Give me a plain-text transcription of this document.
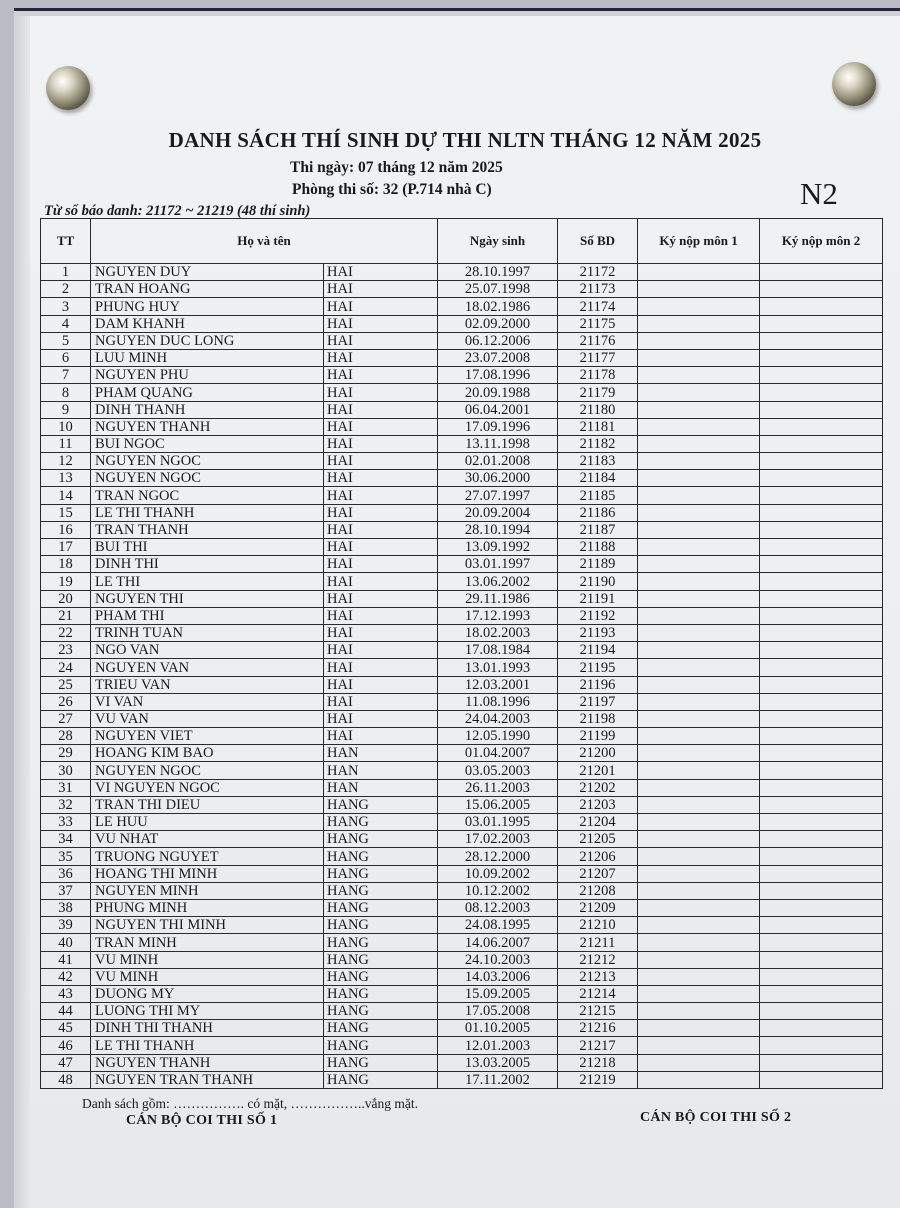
DANH SÁCH THÍ SINH DỰ THI NLTN THÁNG 12 NĂM 2025
Thi ngày: 07 tháng 12 năm 2025
Phòng thi số: 32 (P.714 nhà C)	N2
Từ số báo danh: 21172 ~ 21219 (48 thí sinh)
TT	Họ và tên		Ngày sinh	Số BD	Ký nộp môn 1	Ký nộp môn 2
1	NGUYEN DUY	HAI	28.10.1997	21172		
2	TRAN HOANG	HAI	25.07.1998	21173		
3	PHUNG HUY	HAI	18.02.1986	21174		
4	DAM KHANH	HAI	02.09.2000	21175		
5	NGUYEN DUC LONG	HAI	06.12.2006	21176		
6	LUU MINH	HAI	23.07.2008	21177		
7	NGUYEN PHU	HAI	17.08.1996	21178		
8	PHAM QUANG	HAI	20.09.1988	21179		
9	DINH THANH	HAI	06.04.2001	21180		
10	NGUYEN THANH	HAI	17.09.1996	21181		
11	BUI NGOC	HAI	13.11.1998	21182		
12	NGUYEN NGOC	HAI	02.01.2008	21183		
13	NGUYEN NGOC	HAI	30.06.2000	21184		
14	TRAN NGOC	HAI	27.07.1997	21185		
15	LE THI THANH	HAI	20.09.2004	21186		
16	TRAN THANH	HAI	28.10.1994	21187		
17	BUI THI	HAI	13.09.1992	21188		
18	DINH THI	HAI	03.01.1997	21189		
19	LE THI	HAI	13.06.2002	21190		
20	NGUYEN THI	HAI	29.11.1986	21191		
21	PHAM THI	HAI	17.12.1993	21192		
22	TRINH TUAN	HAI	18.02.2003	21193		
23	NGO VAN	HAI	17.08.1984	21194		
24	NGUYEN VAN	HAI	13.01.1993	21195		
25	TRIEU VAN	HAI	12.03.2001	21196		
26	VI VAN	HAI	11.08.1996	21197		
27	VU VAN	HAI	24.04.2003	21198		
28	NGUYEN VIET	HAI	12.05.1990	21199		
29	HOANG KIM BAO	HAN	01.04.2007	21200		
30	NGUYEN NGOC	HAN	03.05.2003	21201		
31	VI NGUYEN NGOC	HAN	26.11.2003	21202		
32	TRAN THI DIEU	HANG	15.06.2005	21203		
33	LE HUU	HANG	03.01.1995	21204		
34	VU NHAT	HANG	17.02.2003	21205		
35	TRUONG NGUYET	HANG	28.12.2000	21206		
36	HOANG THI MINH	HANG	10.09.2002	21207		
37	NGUYEN MINH	HANG	10.12.2002	21208		
38	PHUNG MINH	HANG	08.12.2003	21209		
39	NGUYEN THI MINH	HANG	24.08.1995	21210		
40	TRAN MINH	HANG	14.06.2007	21211		
41	VU MINH	HANG	24.10.2003	21212		
42	VU MINH	HANG	14.03.2006	21213		
43	DUONG MY	HANG	15.09.2005	21214		
44	LUONG THI MY	HANG	17.05.2008	21215		
45	DINH THI THANH	HANG	01.10.2005	21216		
46	LE THI THANH	HANG	12.01.2003	21217		
47	NGUYEN THANH	HANG	13.03.2005	21218		
48	NGUYEN TRAN THANH	HANG	17.11.2002	21219		
Danh sách gồm: ……………. có mặt, ……………..vắng mặt.
CÁN BỘ COI THI SỐ 1	CÁN BỘ COI THI SỐ 2
